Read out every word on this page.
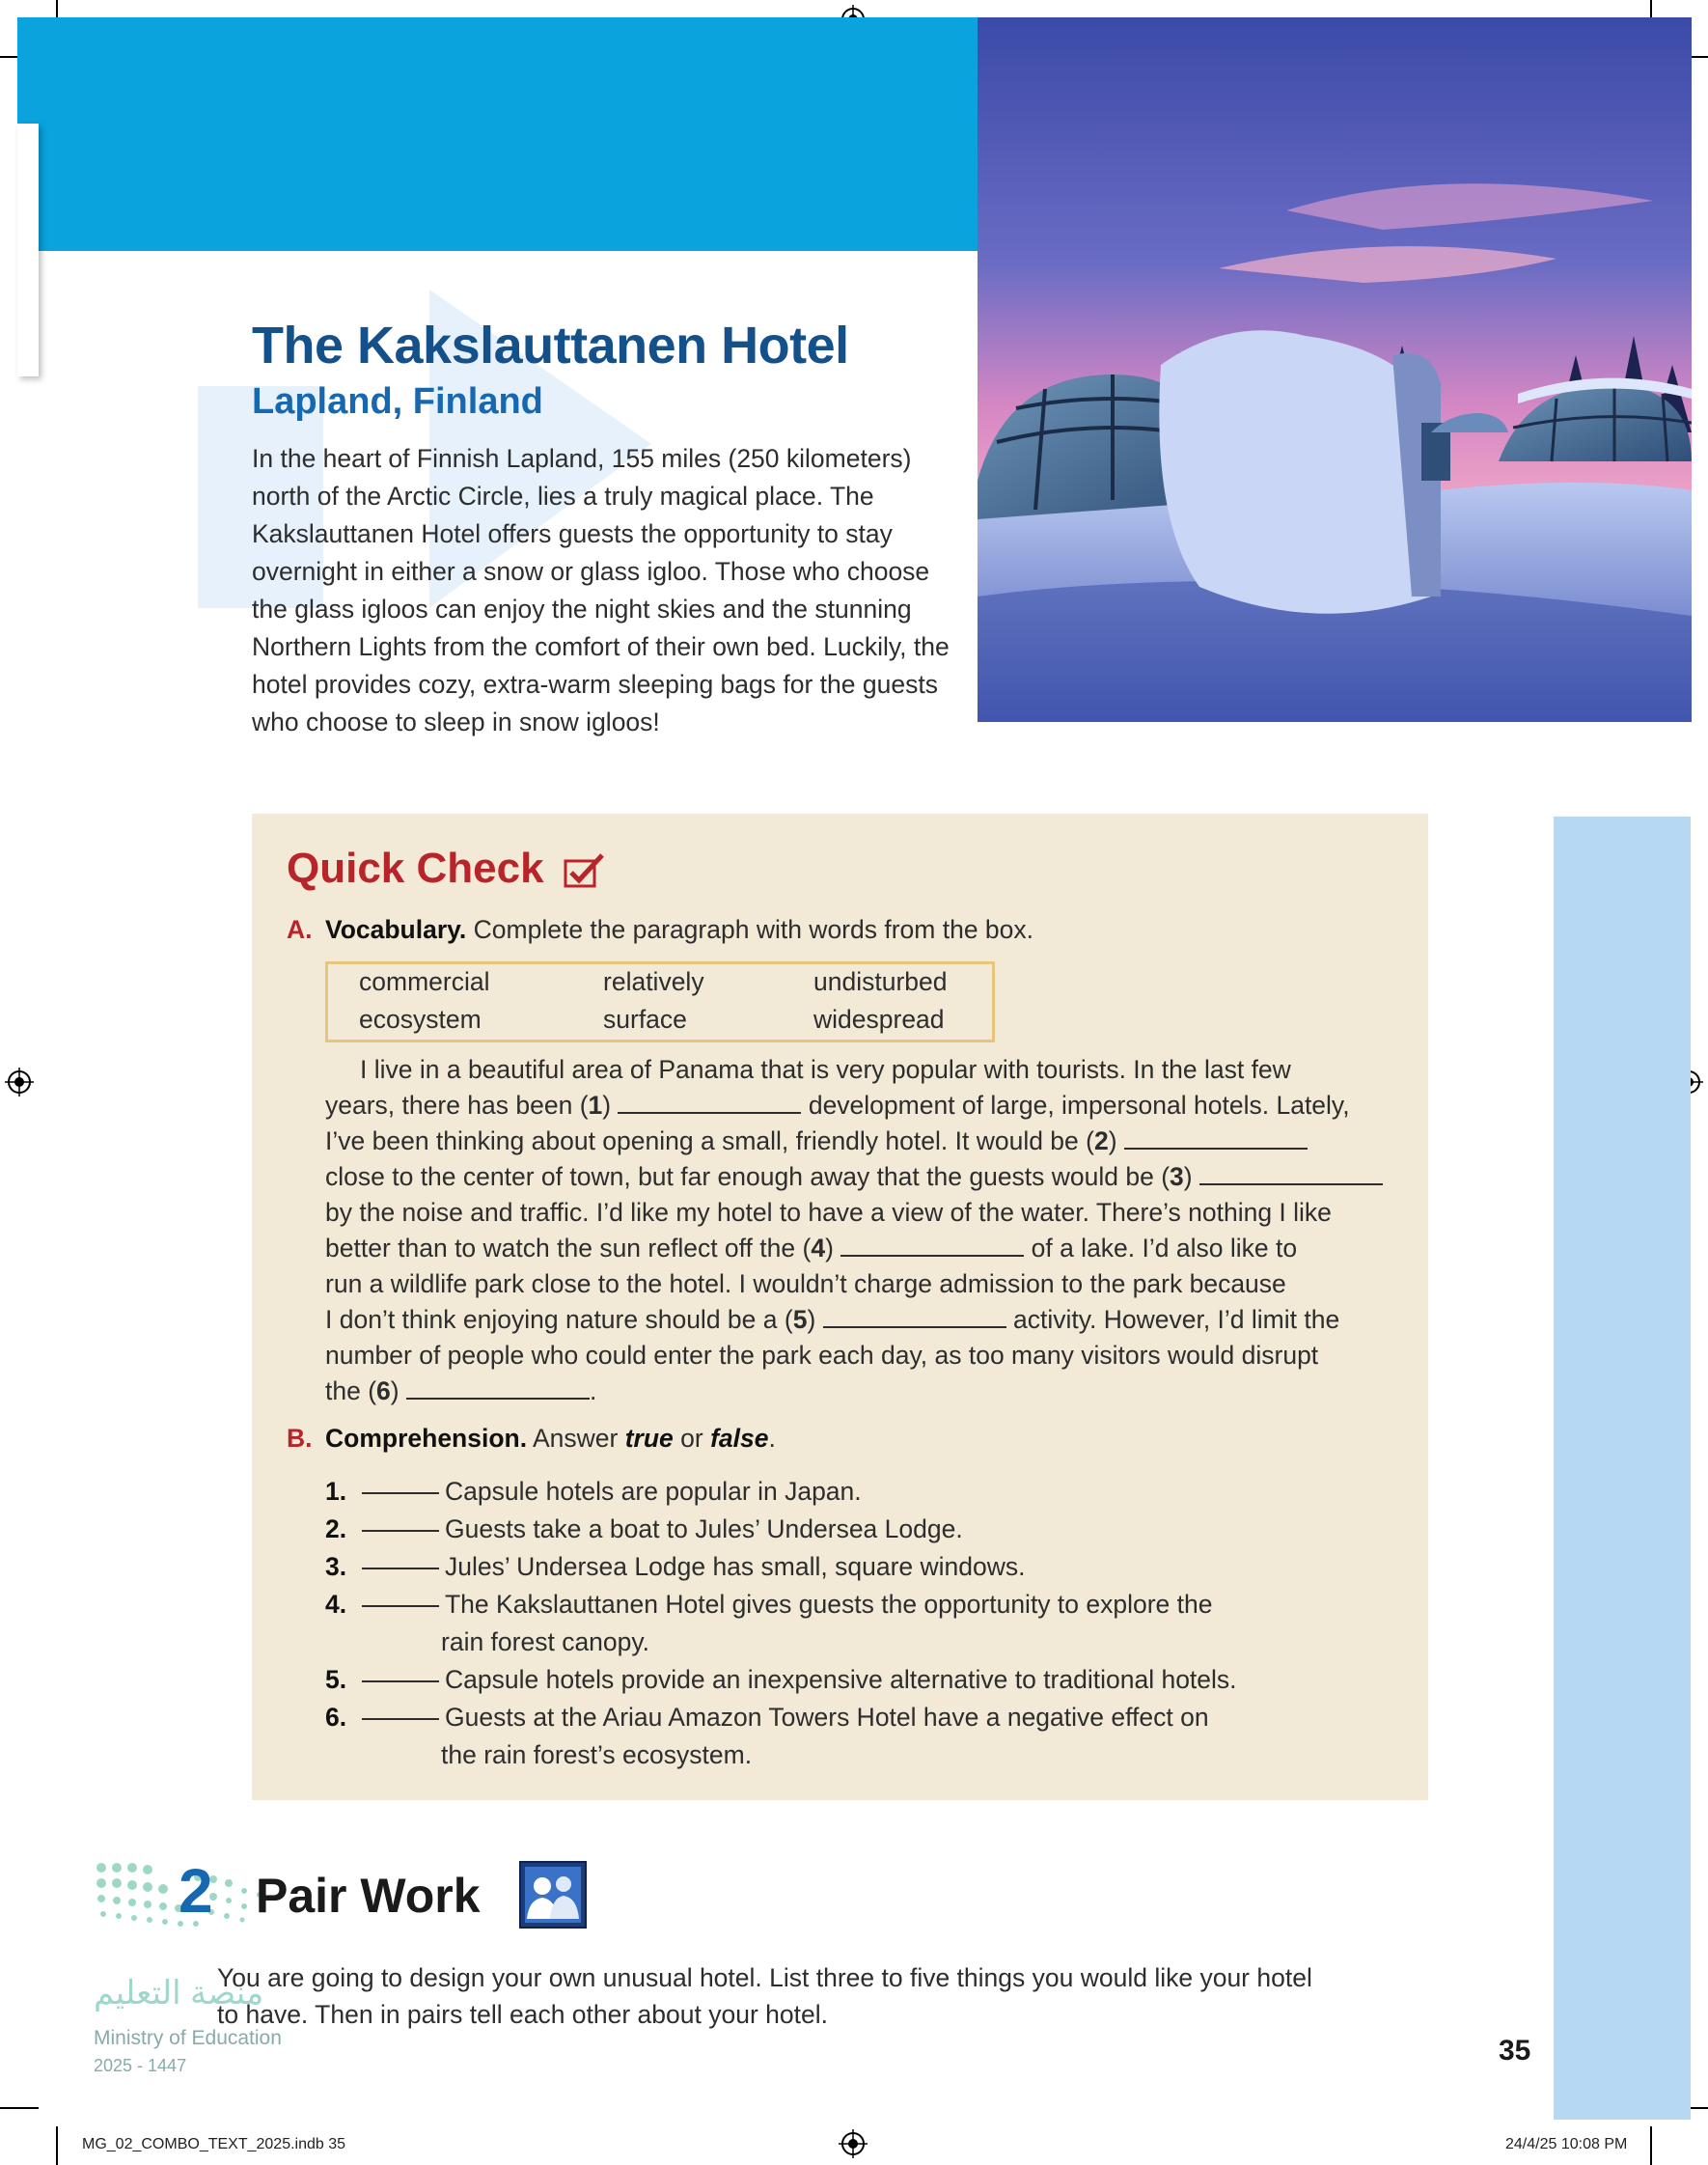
The Kakslauttanen Hotel
Lapland, Finland
In the heart of Finnish Lapland, 155 miles (250 kilometers)
north of the Arctic Circle, lies a truly magical place. The
Kakslauttanen Hotel offers guests the opportunity to stay
overnight in either a snow or glass igloo. Those who choose
the glass igloos can enjoy the night skies and the stunning
Northern Lights from the comfort of their own bed. Luckily, the
hotel provides cozy, extra-warm sleeping bags for the guests
who choose to sleep in snow igloos!
Quick Check
A. Vocabulary. Complete the paragraph with words from the box.
commercial	relatively	undisturbed
ecosystem	surface	widespread
I live in a beautiful area of Panama that is very popular with tourists. In the last few
years, there has been (1)	development of large, impersonal hotels. Lately,
I’ve been thinking about opening a small, friendly hotel. It would be (2)
close to the center of town, but far enough away that the guests would be (3)
by the noise and traffic. I’d like my hotel to have a view of the water. There’s nothing I like
better than to watch the sun reflect off the (4)	of a lake. I’d also like to
run a wildlife park close to the hotel. I wouldn’t charge admission to the park because
I don’t think enjoying nature should be a (5)	activity. However, I’d limit the
number of people who could enter the park each day, as too many visitors would disrupt
the (6)	.
B. Comprehension. Answer true or false.
1.	Capsule hotels are popular in Japan.
2.	Guests take a boat to Jules’ Undersea Lodge.
3.	Jules’ Undersea Lodge has small, square windows.
4.	The Kakslauttanen Hotel gives guests the opportunity to explore the
rain forest canopy.
5.	Capsule hotels provide an inexpensive alternative to traditional hotels.
6.	Guests at the Ariau Amazon Towers Hotel have a negative effect on
the rain forest’s ecosystem.
منصة التعليم
Ministry of Education
2025 - 1447
2 Pair Work
You are going to design your own unusual hotel. List three to five things you would like your hotel
to have. Then in pairs tell each other about your hotel.
35
MG_02_COMBO_TEXT_2025.indb 35	24/4/25 10:08 PM
